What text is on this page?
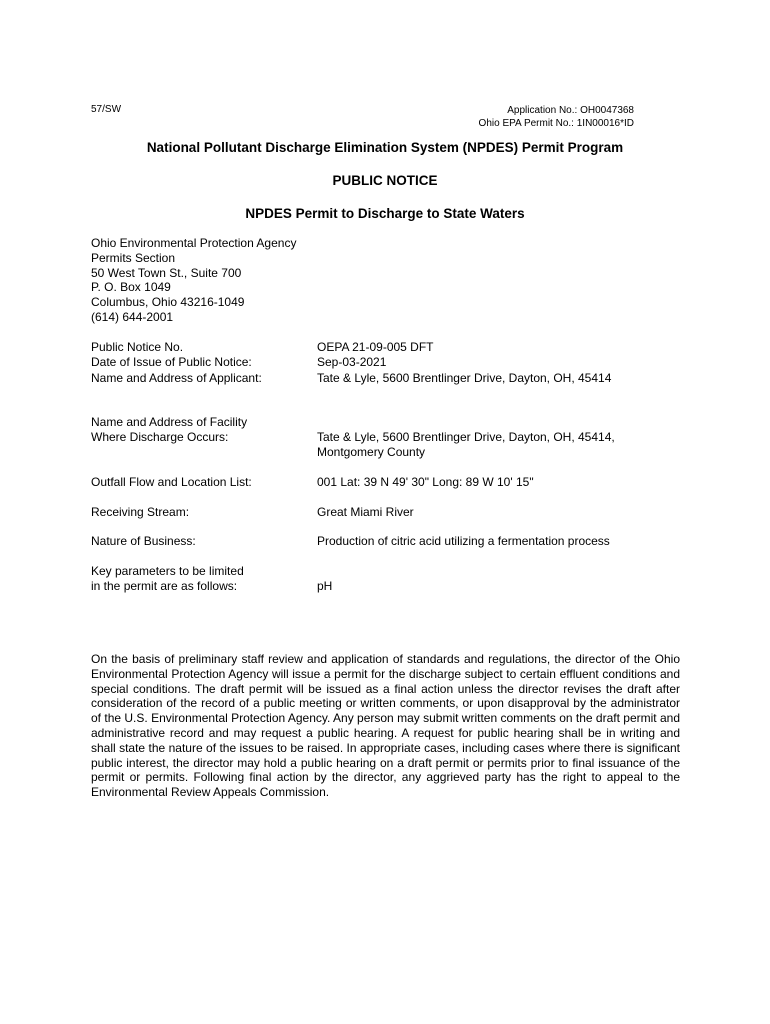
57/SW	Application No.: OH0047368
Ohio EPA Permit No.: 1IN00016*ID
National Pollutant Discharge Elimination System (NPDES) Permit Program
PUBLIC NOTICE
NPDES Permit to Discharge to State Waters
Ohio Environmental Protection Agency
Permits Section
50 West Town St., Suite 700
P. O. Box 1049
Columbus, Ohio 43216-1049
(614) 644-2001
Public Notice No.	OEPA 21-09-005 DFT
Date of Issue of Public Notice:	Sep-03-2021
Name and Address of Applicant:	Tate & Lyle, 5600 Brentlinger Drive, Dayton, OH, 45414
Name and Address of Facility
Where Discharge Occurs:	Tate & Lyle, 5600 Brentlinger Drive, Dayton, OH, 45414,
Montgomery County
Outfall Flow and Location List:	001 Lat: 39 N 49' 30" Long: 89 W 10' 15"
Receiving Stream:	Great Miami River
Nature of Business:	Production of citric acid utilizing a fermentation process
Key parameters to be limited
in the permit are as follows:	pH
On the basis of preliminary staff review and application of standards and regulations, the director of the Ohio Environmental Protection Agency will issue a permit for the discharge subject to certain effluent conditions and special conditions. The draft permit will be issued as a final action unless the director revises the draft after consideration of the record of a public meeting or written comments, or upon disapproval by the administrator of the U.S. Environmental Protection Agency. Any person may submit written comments on the draft permit and administrative record and may request a public hearing. A request for public hearing shall be in writing and shall state the nature of the issues to be raised. In appropriate cases, including cases where there is significant public interest, the director may hold a public hearing on a draft permit or permits prior to final issuance of the permit or permits. Following final action by the director, any aggrieved party has the right to appeal to the Environmental Review Appeals Commission.
